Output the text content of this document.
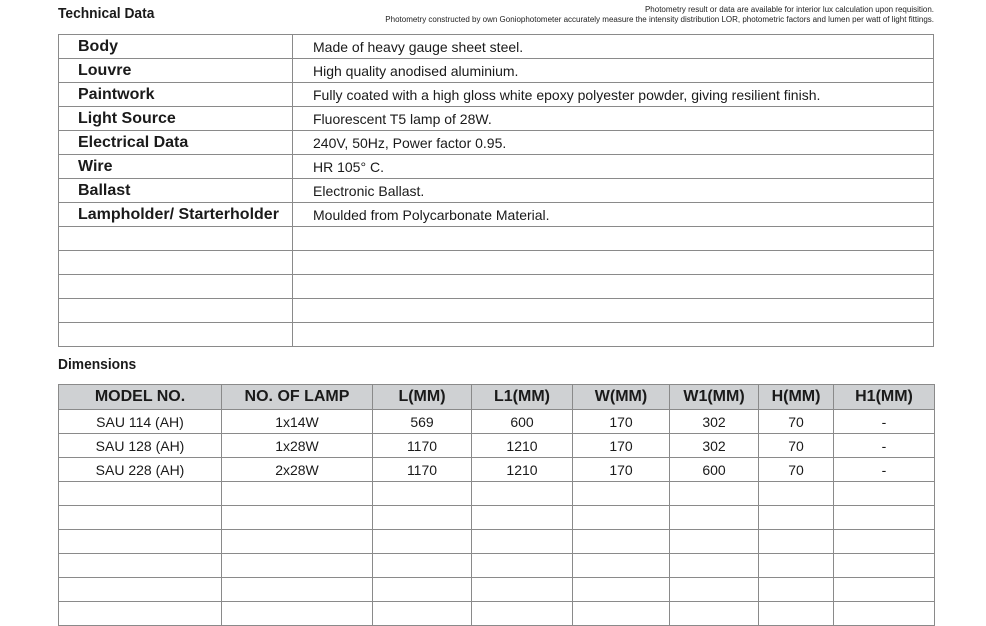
Technical Data	Photometry result or data are available for interior lux calculation upon requisition.
Photometry constructed by own Goniophotometer accurately measure the intensity distribution LOR, photometric factors and lumen per watt of light fittings.
Body	Made of heavy gauge sheet steel.
Louvre	High quality anodised aluminium.
Paintwork	Fully coated with a high gloss white epoxy polyester powder, giving resilient finish.
Light Source	Fluorescent T5 lamp of 28W.
Electrical Data	240V, 50Hz, Power factor 0.95.
Wire	HR 105° C.
Ballast	Electronic Ballast.
Lampholder/ Starterholder	Moulded from Polycarbonate Material.

Dimensions
MODEL NO.	NO. OF LAMP	L(MM)	L1(MM)	W(MM)	W1(MM)	H(MM)	H1(MM)
SAU 114 (AH)	1x14W	569	600	170	302	70	-
SAU 128 (AH)	1x28W	1170	1210	170	302	70	-
SAU 228 (AH)	2x28W	1170	1210	170	600	70	-
